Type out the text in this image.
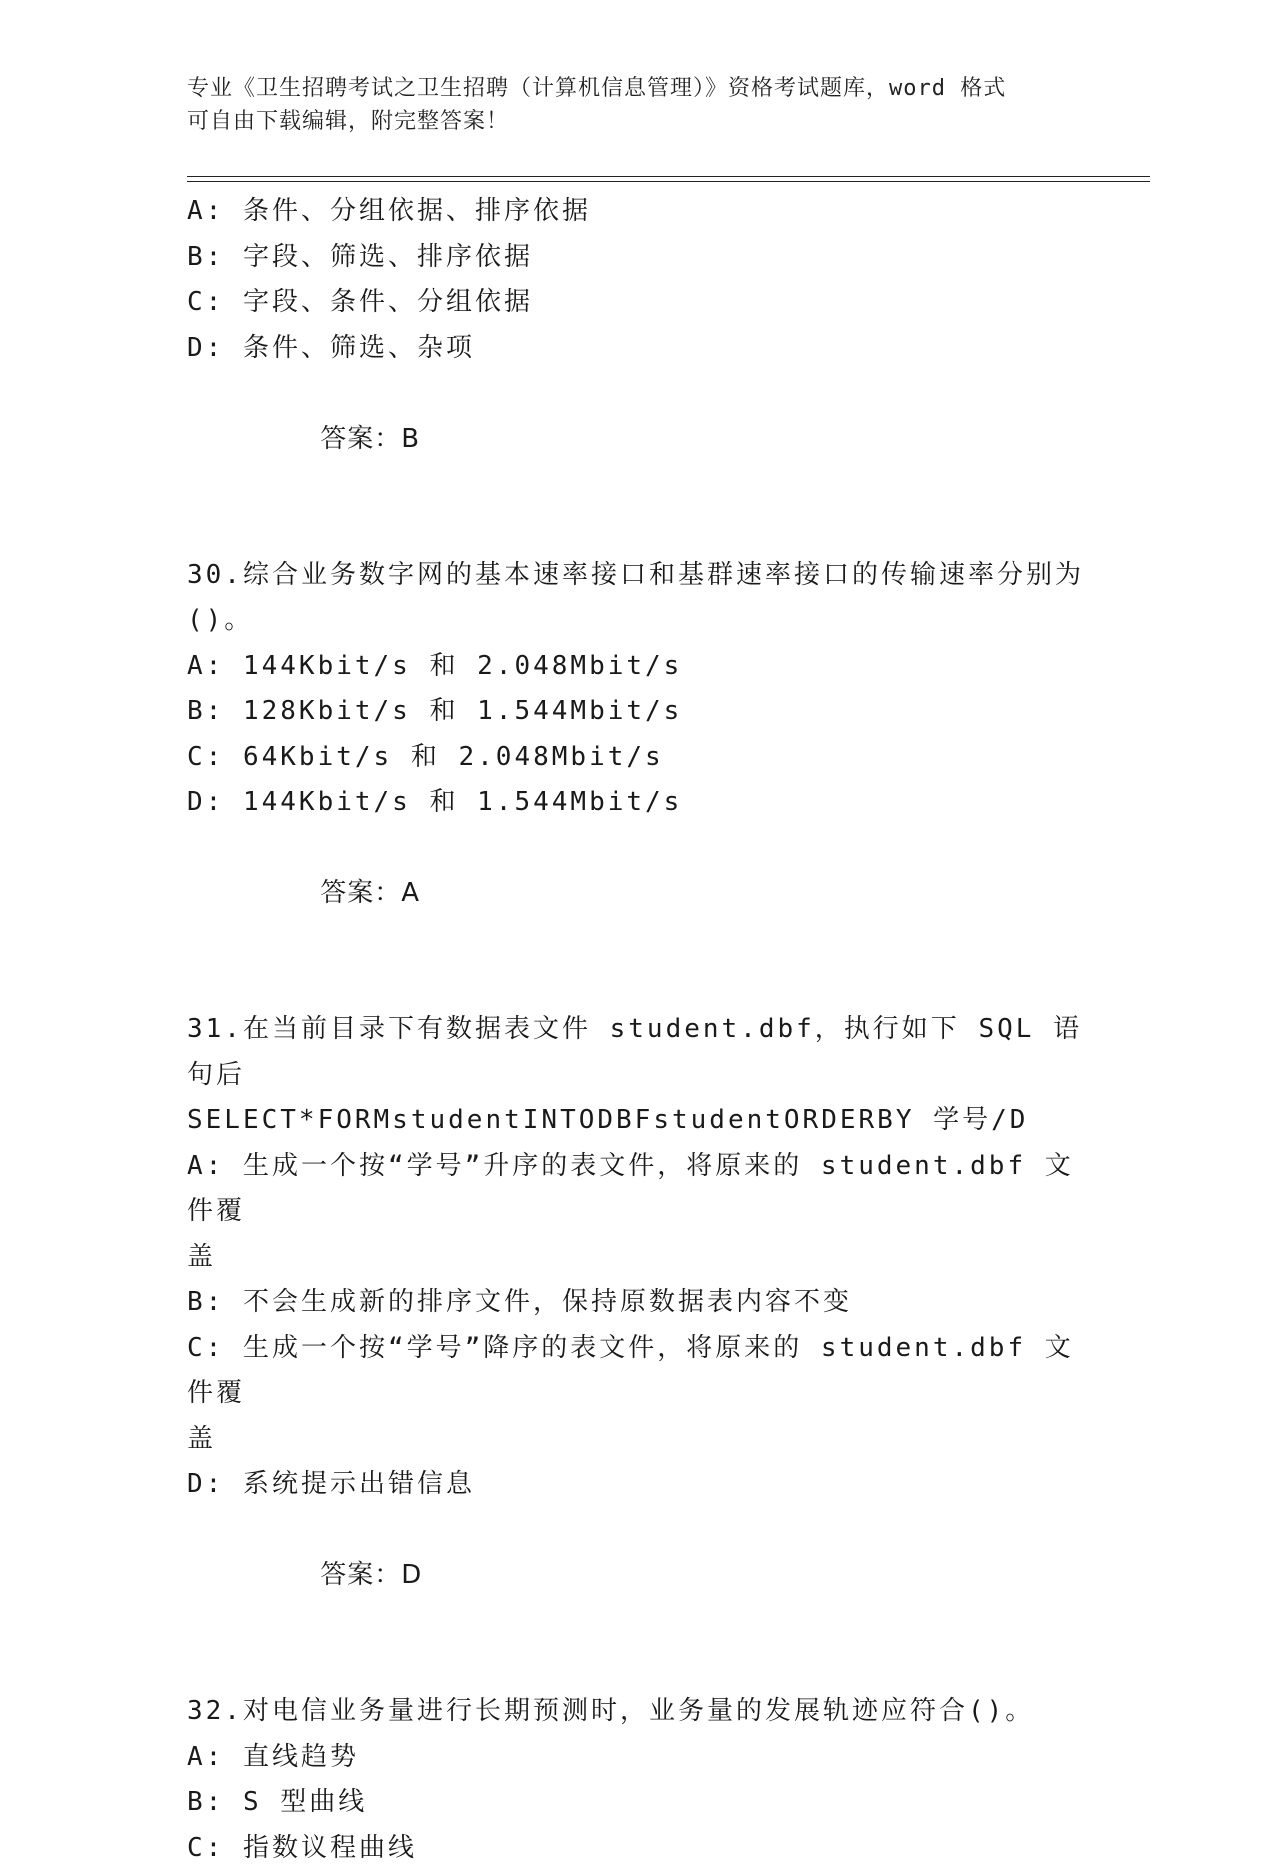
专业《卫生招聘考试之卫生招聘（计算机信息管理）》资格考试题库，word 格式
可自由下载编辑，附完整答案！
A: 条件、分组依据、排序依据
B: 字段、筛选、排序依据
C: 字段、条件、分组依据
D: 条件、筛选、杂项

答案：B

30.综合业务数字网的基本速率接口和基群速率接口的传输速率分别为
()。
A: 144Kbit/s 和 2.048Mbit/s
B: 128Kbit/s 和 1.544Mbit/s
C: 64Kbit/s 和 2.048Mbit/s
D: 144Kbit/s 和 1.544Mbit/s

答案：A

31.在当前目录下有数据表文件 student.dbf，执行如下 SQL 语句后
SELECT*FORMstudentINTODBFstudentORDERBY 学号/D
A: 生成一个按“学号”升序的表文件，将原来的 student.dbf 文件覆
盖
B: 不会生成新的排序文件，保持原数据表内容不变
C: 生成一个按“学号”降序的表文件，将原来的 student.dbf 文件覆
盖
D: 系统提示出错信息

答案：D

32.对电信业务量进行长期预测时，业务量的发展轨迹应符合()。
A: 直线趋势
B: S 型曲线
C: 指数议程曲线
